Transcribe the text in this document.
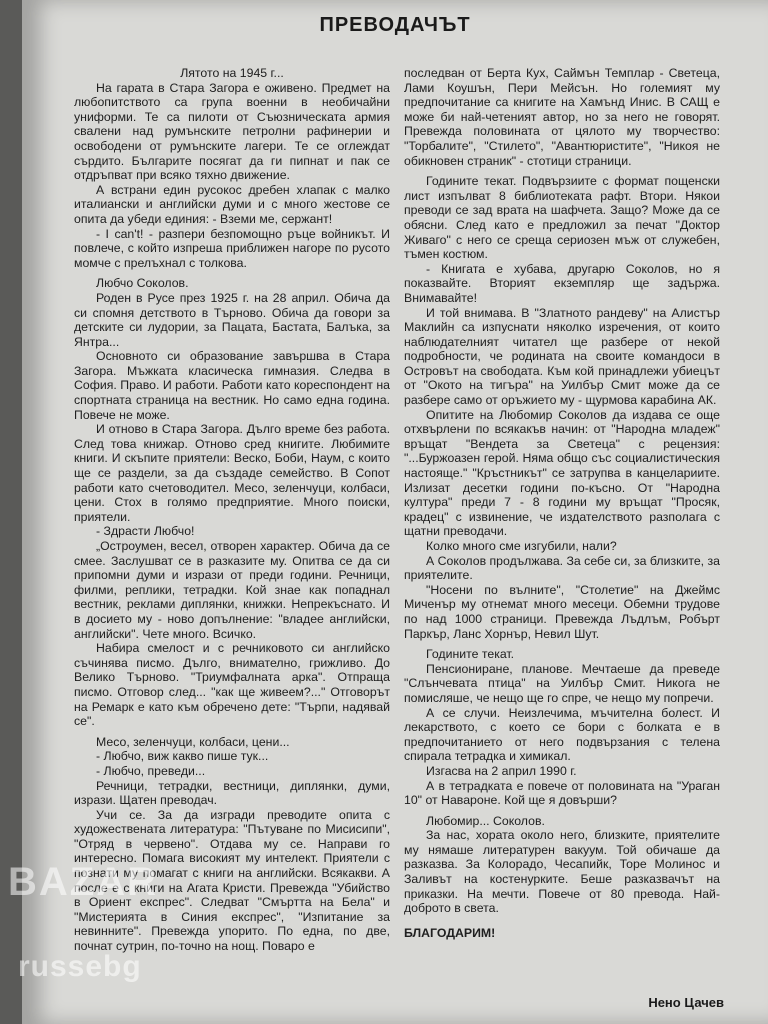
ПРЕВОДАЧЪТ

Лятото на 1945 г...

На гарата в Стара Загора е оживено. Предмет на любопитството са група военни в необичайни униформи. Те са пилоти от Съюзническата армия свалени над румънските петролни рафинерии и освободени от румънските лагери. Те се оглеждат сърдито. Българите посягат да ги пипнат и пак се отдръпват при всяко тяхно движение.

А встрани един русокос дребен хлапак с малко италиански и английски думи и с много жестове се опита да убеди единия: - Вземи ме, сержант!

- I can't! - разпери безпомощно ръце войникът. И повлече, с който изпреша приближен нагоре по русото момче с прелъхнал с толкова.

Любчо Соколов.

Роден в Русе през 1925 г. на 28 април. Обича да си спомня детството в Търново. Обича да говори за детските си лудории, за Пацата, Бастата, Балъка, за Янтра...

Основното си образование завършва в Стара Загора. Мъжката класическа гимназия. Следва в София. Право. И работи. Работи като кореспондент на спортната страница на вестник. Но само една година. Повече не може.

И отново в Стара Загора. Дълго време без работа. След това книжар. Отново сред книгите. Любимите книги. И скъпите приятели: Веско, Боби, Наум, с които ще се раздели, за да създаде семейство. В Сопот работи като счетоводител. Месо, зеленчуци, колбаси, цени. Стох в голямо предприятие. Много поиски, приятели.

- Здрасти Любчо!

„Остроумен, весел, отворен характер. Обича да се смее. Заслушват се в разказите му. Опитва се да си припомни думи и изрази от преди години. Речници, филми, реплики, тетрадки. Кой знае как попаднал вестник, реклами диплянки, книжки. Непрекъснато. И в досието му - ново допълнение: "владее английски, английски". Чете много. Всичко.

Набира смелост и с речниковото си английско съчинява писмо. Дълго, внимателно, грижливо. До Велико Търново. "Триумфалната арка". Отпраща писмо. Отговор след... "как ще живеем?..." Отговорът на Ремарк е като към обречено дете: "Търпи, надявай се".

Месо, зеленчуци, колбаси, цени...

- Любчо, виж какво пише тук...

- Любчо, преведи...

Речници, тетрадки, вестници, диплянки, думи, изрази. Щатен преводач.

Учи се. За да изгради преводите опита с художествената литература: "Пътуване по Мисисипи", "Отряд в червено". Отдава му се. Направи го интересно. Помага високият му интелект. Приятели с познати му помагат с книги на английски. Всякакви. А после е с книги на Агата Кристи. Превежда "Убийство в Ориент експрес". Следват "Смъртта на Бела" и "Мистерията в Синия експрес", "Изпитание за невинните". Превежда упорито. По една, по две, почнат сутрин, по-точно на нощ. Поваро е

последван от Берта Кух, Саймън Темплар - Светеца, Лами Коушън, Пери Мейсън. Но големият му предпочитание са книгите на Хамънд Инис. В САЩ е може би най-четеният автор, но за него не говорят. Превежда половината от цялото му творчество: "Торбалите", "Стилето", "Авантюристите", "Никоя не обикновен страник" - стотици страници.

Годините текат. Подвързиите с формат пощенски лист изпълват 8 библиотеката рафт. Втори. Някои преводи се зад врата на шафчета. Защо? Може да се обясни. След като е предложил за печат "Доктор Живаго" с него се среща сериозен мъж от служебен, тъмен костюм.

- Книгата е хубава, другарю Соколов, но я показвайте. Вторият екземпляр ще задържа. Внимавайте!

И той внимава. В "Златното рандеву" на Алистър Маклийн са изпуснати няколко изречения, от които наблюдателният читател ще разбере от некой подробности, че родината на своите командоси в Островът на свободата. Към кой принадлежи убиецът от "Окото на тигъра" на Уилбър Смит може да се разбере само от оръжието му - щурмова карабина АК.

Опитите на Любомир Соколов да издава се още отхвърлени по всякакъв начин: от "Народна младеж" връщат "Вендета за Светеца" с рецензия: "...Буржоазен герой. Няма общо със социалистическия настояще." "Кръстникът" се затрупва в канцелариите. Излизат десетки години по-късно. От "Народна култура" преди 7 - 8 години му връщат "Просяк, крадец" с извинение, че издателството разполага с щатни преводачи.

Колко много сме изгубили, нали?

А Соколов продължава. За себе си, за близките, за приятелите.

"Носени по вълните", "Столетие" на Джеймс Миченър му отнемат много месеци. Обемни трудове по над 1000 страници. Превежда Лъдлъм, Робърт Паркър, Ланс Хорнър, Невил Шут.

Годините текат.

Пенсиониране, планове. Мечтаеше да преведе "Слънчевата птица" на Уилбър Смит. Никога не помисляше, че нещо ще го спре, че нещо му попречи.

А се случи. Неизлечима, мъчителна болест. И лекарството, с което се бори с болката е в предпочитанието от него подвързания с телена спирала тетрадка и химикал.

Изгасва на 2 април 1990 г.

А в тетрадката е повече от половината на "Ураган 10" от Навароне. Кой ще я довърши?

Любомир... Соколов.

За нас, хората около него, близките, приятелите му нямаше литературен вакуум. Той обичаше да разказва. За Колорадо, Чесапийк, Торе Молинос и Заливът на костенурките. Беше разказвачът на приказки. На мечти. Повече от 80 превода. Най-доброто в света.

БЛАГОДАРИМ!

Нено Цачев
BAZAR
russebg
